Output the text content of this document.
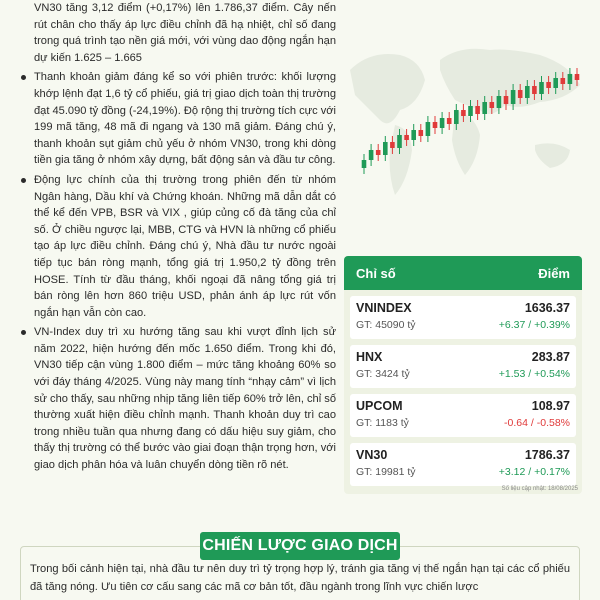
VN30 tăng 3,12 điểm (+0,17%) lên 1.786,37 điểm. Cây nến rút chân cho thấy áp lực điều chỉnh đã hạ nhiệt, chỉ số đang trong quá trình tạo nền giá mới, với vùng dao động ngắn hạn dự kiến 1.625 – 1.665
Thanh khoản giảm đáng kể so với phiên trước: khối lượng khớp lệnh đạt 1,6 tỷ cổ phiếu, giá trị giao dịch toàn thị trường đạt 45.090 tỷ đồng (-24,19%). Độ rộng thị trường tích cực với 199 mã tăng, 48 mã đi ngang và 130 mã giảm. Đáng chú ý, thanh khoản sụt giảm chủ yếu ở nhóm VN30, trong khi dòng tiền gia tăng ở nhóm xây dựng, bất động sản và đầu tư công.
Động lực chính của thị trường trong phiên đến từ nhóm Ngân hàng, Dầu khí và Chứng khoán. Những mã dẫn dắt có thể kể đến VPB, BSR và VIX , giúp củng cố đà tăng của chỉ số. Ở chiều ngược lại, MBB, CTG và HVN là những cổ phiếu tạo áp lực điều chỉnh. Đáng chú ý, Nhà đầu tư nước ngoài tiếp tục bán ròng mạnh, tổng giá trị 1.950,2 tỷ đồng trên HOSE. Tính từ đầu tháng, khối ngoại đã nâng tổng giá trị bán ròng lên hơn 860 triệu USD, phản ánh áp lực rút vốn ngắn hạn vẫn còn cao.
VN-Index duy trì xu hướng tăng sau khi vượt đỉnh lịch sử năm 2022, hiện hướng đến mốc 1.650 điểm. Trong khi đó, VN30 tiếp cận vùng 1.800 điểm – mức tăng khoảng 60% so với đáy tháng 4/2025. Vùng này mang tính “nhạy cảm” vì lịch sử cho thấy, sau những nhịp tăng liên tiếp 60% trở lên, chỉ số thường xuất hiện điều chỉnh mạnh. Thanh khoản duy trì cao trong nhiều tuần qua nhưng đang có dấu hiệu suy giảm, cho thấy thị trường có thể bước vào giai đoạn thận trọng hơn, với giao dịch phân hóa và luân chuyển dòng tiền rõ nét.
Chỉ số	Điểm
VNINDEX	1636.37
GT: 45090 tỷ	+6.37 / +0.39%
HNX	283.87
GT: 3424 tỷ	+1.53 / +0.54%
UPCOM	108.97
GT: 1183 tỷ	-0.64 / -0.58%
VN30	1786.37
GT: 19981 tỷ	+3.12 / +0.17%
Số liệu cập nhật: 18/08/2025
CHIẾN LƯỢC GIAO DỊCH
Trong bối cảnh hiện tại, nhà đầu tư nên duy trì tỷ trọng hợp lý, tránh gia tăng vị thế ngắn hạn tại các cổ phiếu đã tăng nóng. Ưu tiên cơ cấu sang các mã cơ bản tốt, đầu ngành trong lĩnh vực chiến lược
